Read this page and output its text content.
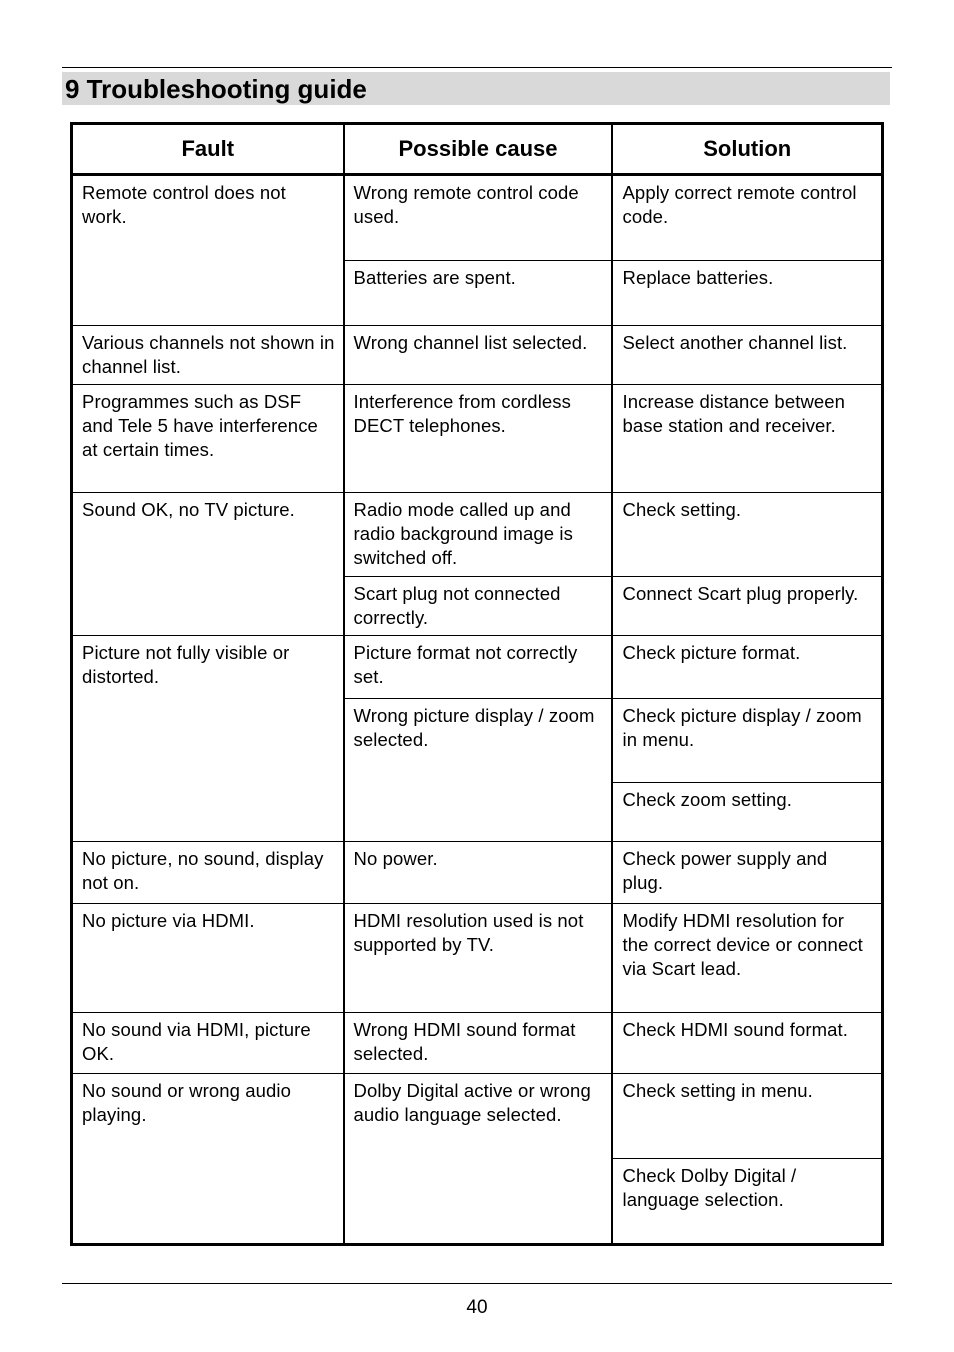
9 Troubleshooting guide
Fault	Possible cause	Solution
Remote control does not work.	Wrong remote control code used.	Apply correct remote control code.
	Batteries are spent.	Replace batteries.
Various channels not shown in channel list.	Wrong channel list selected.	Select another channel list.
Programmes such as DSF and Tele 5 have interference at certain times.	Interference from cordless DECT telephones.	Increase distance between base station and receiver.
Sound OK, no TV picture.	Radio mode called up and radio background image is switched off.	Check setting.
	Scart plug not connected correctly.	Connect Scart plug properly.
Picture not fully visible or distorted.	Picture format not correctly set.	Check picture format.
	Wrong picture display / zoom selected.	Check picture display / zoom in menu.
		Check zoom setting.
No picture, no sound, display not on.	No power.	Check power supply and plug.
No picture via HDMI.	HDMI resolution used is not supported by TV.	Modify HDMI resolution for the correct device or connect via Scart lead.
No sound via HDMI, picture OK.	Wrong HDMI sound format selected.	Check HDMI sound format.
No sound or wrong audio playing.	Dolby Digital active or wrong audio language selected.	Check setting in menu.
		Check Dolby Digital / language selection.
40
